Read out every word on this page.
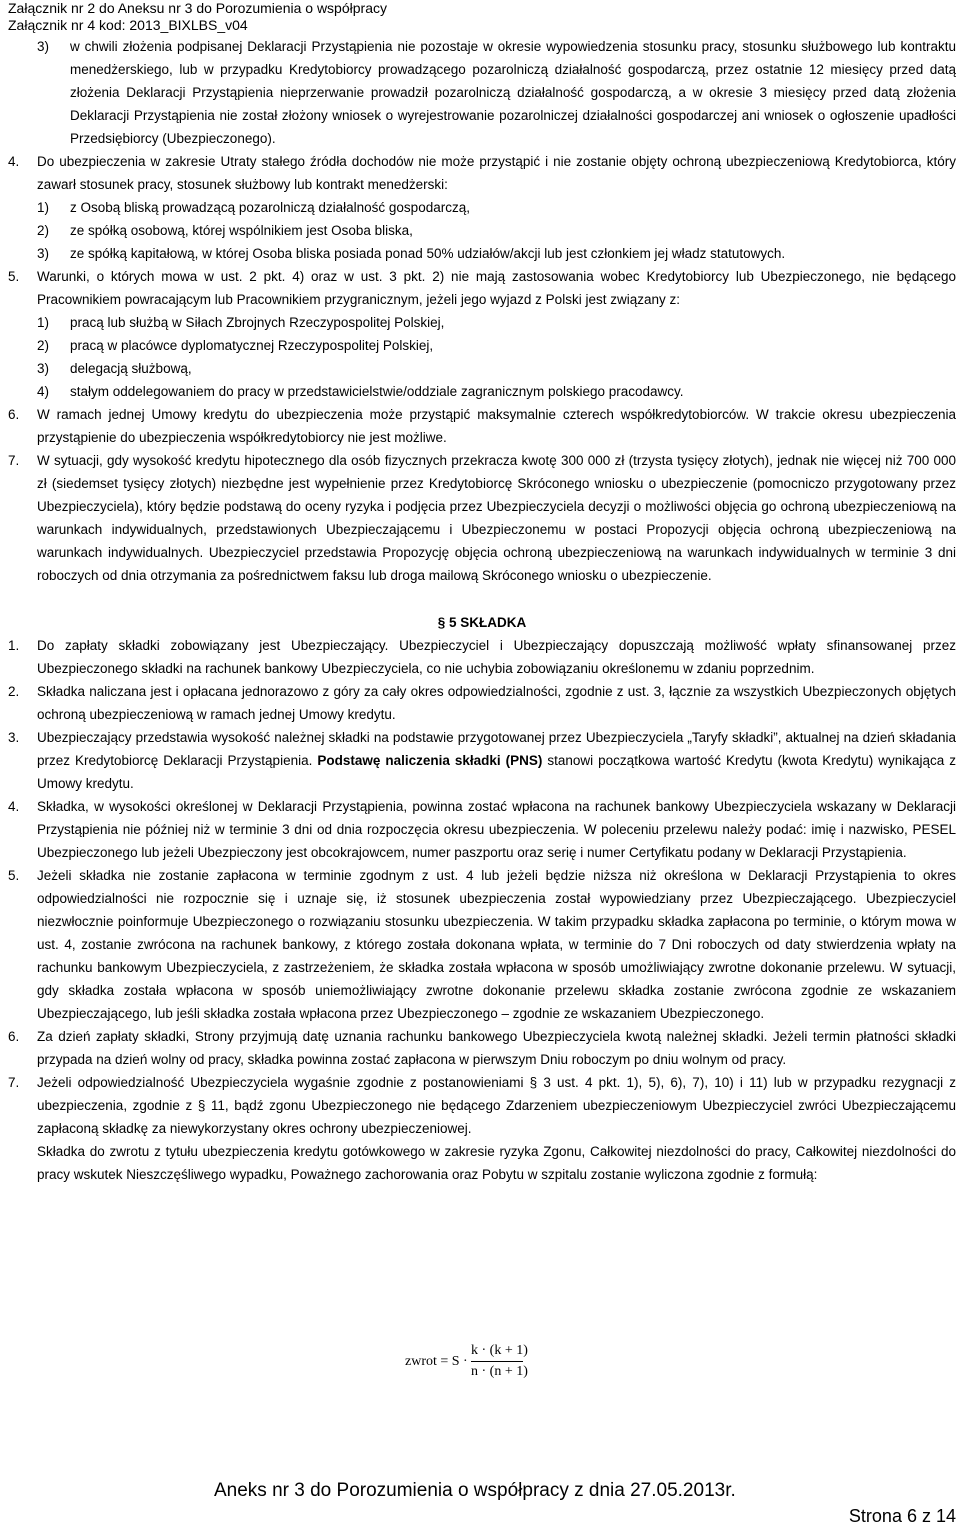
Załącznik nr 2 do Aneksu nr 3 do Porozumienia o współpracy
Załącznik nr 4 kod: 2013_BIXLBS_v04
3)	w chwili złożenia podpisanej Deklaracji Przystąpienia nie pozostaje w okresie wypowiedzenia stosunku pracy, stosunku służbowego lub kontraktu menedżerskiego, lub w przypadku Kredytobiorcy prowadzącego pozarolniczą działalność gospodarczą, przez ostatnie 12 miesięcy przed datą złożenia Deklaracji Przystąpienia nieprzerwanie prowadził pozarolniczą działalność gospodarczą, a w okresie 3 miesięcy przed datą złożenia Deklaracji Przystąpienia nie został złożony wniosek o wyrejestrowanie pozarolniczej działalności gospodarczej ani wniosek o ogłoszenie upadłości Przedsiębiorcy (Ubezpieczonego).
4.	Do ubezpieczenia w zakresie Utraty stałego źródła dochodów nie może przystąpić i nie zostanie objęty ochroną ubezpieczeniową Kredytobiorca, który zawarł stosunek pracy, stosunek służbowy lub kontrakt menedżerski:
1)	z Osobą bliską prowadzącą pozarolniczą działalność gospodarczą,
2)	ze spółką osobową, której wspólnikiem jest Osoba bliska,
3)	ze spółką kapitałową, w której Osoba bliska posiada ponad 50% udziałów/akcji lub jest członkiem jej władz statutowych.
5.	Warunki, o których mowa w ust. 2 pkt. 4) oraz w ust. 3 pkt. 2) nie mają zastosowania wobec Kredytobiorcy lub Ubezpieczonego, nie będącego Pracownikiem powracającym lub Pracownikiem przygranicznym, jeżeli jego wyjazd z Polski jest związany z:
1)	pracą lub służbą w Siłach Zbrojnych Rzeczypospolitej Polskiej,
2)	pracą w placówce dyplomatycznej Rzeczypospolitej Polskiej,
3)	delegacją służbową,
4)	stałym oddelegowaniem do pracy w przedstawicielstwie/oddziale zagranicznym polskiego pracodawcy.
6.	W ramach jednej Umowy kredytu do ubezpieczenia może przystąpić maksymalnie czterech współkredytobiorców. W trakcie okresu ubezpieczenia przystąpienie do ubezpieczenia współkredytobiorcy nie jest możliwe.
7.	W sytuacji, gdy wysokość kredytu hipotecznego dla osób fizycznych przekracza kwotę 300 000 zł (trzysta tysięcy złotych), jednak nie więcej niż 700 000 zł (siedemset tysięcy złotych) niezbędne jest wypełnienie przez Kredytobiorcę Skróconego wniosku o ubezpieczenie (pomocniczo przygotowany przez Ubezpieczyciela), który będzie podstawą do oceny ryzyka i podjęcia przez Ubezpieczyciela decyzji o możliwości objęcia go ochroną ubezpieczeniową na warunkach indywidualnych, przedstawionych Ubezpieczającemu i Ubezpieczonemu w postaci Propozycji objęcia ochroną ubezpieczeniową na warunkach indywidualnych. Ubezpieczyciel przedstawia Propozycję objęcia ochroną ubezpieczeniową na warunkach indywidualnych w terminie 3 dni roboczych od dnia otrzymania za pośrednictwem faksu lub droga mailową Skróconego wniosku o ubezpieczenie.
§ 5 SKŁADKA
1.	Do zapłaty składki zobowiązany jest Ubezpieczający. Ubezpieczyciel i Ubezpieczający dopuszczają możliwość wpłaty sfinansowanej przez Ubezpieczonego składki na rachunek bankowy Ubezpieczyciela, co nie uchybia zobowiązaniu określonemu w zdaniu poprzednim.
2.	Składka naliczana jest i opłacana jednorazowo z góry za cały okres odpowiedzialności, zgodnie z ust. 3, łącznie za wszystkich Ubezpieczonych objętych ochroną ubezpieczeniową w ramach jednej Umowy kredytu.
3.	Ubezpieczający przedstawia wysokość należnej składki na podstawie przygotowanej przez Ubezpieczyciela „Taryfy składki”, aktualnej na dzień składania przez Kredytobiorcę Deklaracji Przystąpienia. Podstawę naliczenia składki (PNS) stanowi początkowa wartość Kredytu (kwota Kredytu) wynikająca z Umowy kredytu.
4.	Składka, w wysokości określonej w Deklaracji Przystąpienia, powinna zostać wpłacona na rachunek bankowy Ubezpieczyciela wskazany w Deklaracji Przystąpienia nie później niż w terminie 3 dni od dnia rozpoczęcia okresu ubezpieczenia. W poleceniu przelewu należy podać: imię i nazwisko, PESEL Ubezpieczonego lub jeżeli Ubezpieczony jest obcokrajowcem, numer paszportu oraz serię i numer Certyfikatu podany w Deklaracji Przystąpienia.
5.	Jeżeli składka nie zostanie zapłacona w terminie zgodnym z ust. 4 lub jeżeli będzie niższa niż określona w Deklaracji Przystąpienia to okres odpowiedzialności nie rozpocznie się i uznaje się, iż stosunek ubezpieczenia został wypowiedziany przez Ubezpieczającego. Ubezpieczyciel niezwłocznie poinformuje Ubezpieczonego o rozwiązaniu stosunku ubezpieczenia. W takim przypadku składka zapłacona po terminie, o którym mowa w ust. 4, zostanie zwrócona na rachunek bankowy, z którego została dokonana wpłata, w terminie do 7 Dni roboczych od daty stwierdzenia wpłaty na rachunku bankowym Ubezpieczyciela, z zastrzeżeniem, że składka została wpłacona w sposób umożliwiający zwrotne dokonanie przelewu. W sytuacji, gdy składka została wpłacona w sposób uniemożliwiający zwrotne dokonanie przelewu składka zostanie zwrócona zgodnie ze wskazaniem Ubezpieczającego, lub jeśli składka została wpłacona przez Ubezpieczonego – zgodnie ze wskazaniem Ubezpieczonego.
6.	Za dzień zapłaty składki, Strony przyjmują datę uznania rachunku bankowego Ubezpieczyciela kwotą należnej składki. Jeżeli termin płatności składki przypada na dzień wolny od pracy, składka powinna zostać zapłacona w pierwszym Dniu roboczym po dniu wolnym od pracy.
7.	Jeżeli odpowiedzialność Ubezpieczyciela wygaśnie zgodnie z postanowieniami § 3 ust. 4 pkt. 1), 5), 6), 7), 10) i 11) lub w przypadku rezygnacji z ubezpieczenia, zgodnie z § 11, bądź zgonu Ubezpieczonego nie będącego Zdarzeniem ubezpieczeniowym Ubezpieczyciel zwróci Ubezpieczającemu zapłaconą składkę za niewykorzystany okres ochrony ubezpieczeniowej.
Składka do zwrotu z tytułu ubezpieczenia kredytu gotówkowego w zakresie ryzyka Zgonu, Całkowitej niezdolności do pracy, Całkowitej niezdolności do pracy wskutek Nieszczęśliwego wypadku, Poważnego zachorowania oraz Pobytu w szpitalu zostanie wyliczona zgodnie z formułą:
zwrot = $S \cdot \frac{k \cdot (k + 1)}{n \cdot (n + 1)}$
Aneks nr 3 do Porozumienia o współpracy z dnia 27.05.2013r.
Strona 6 z 14
